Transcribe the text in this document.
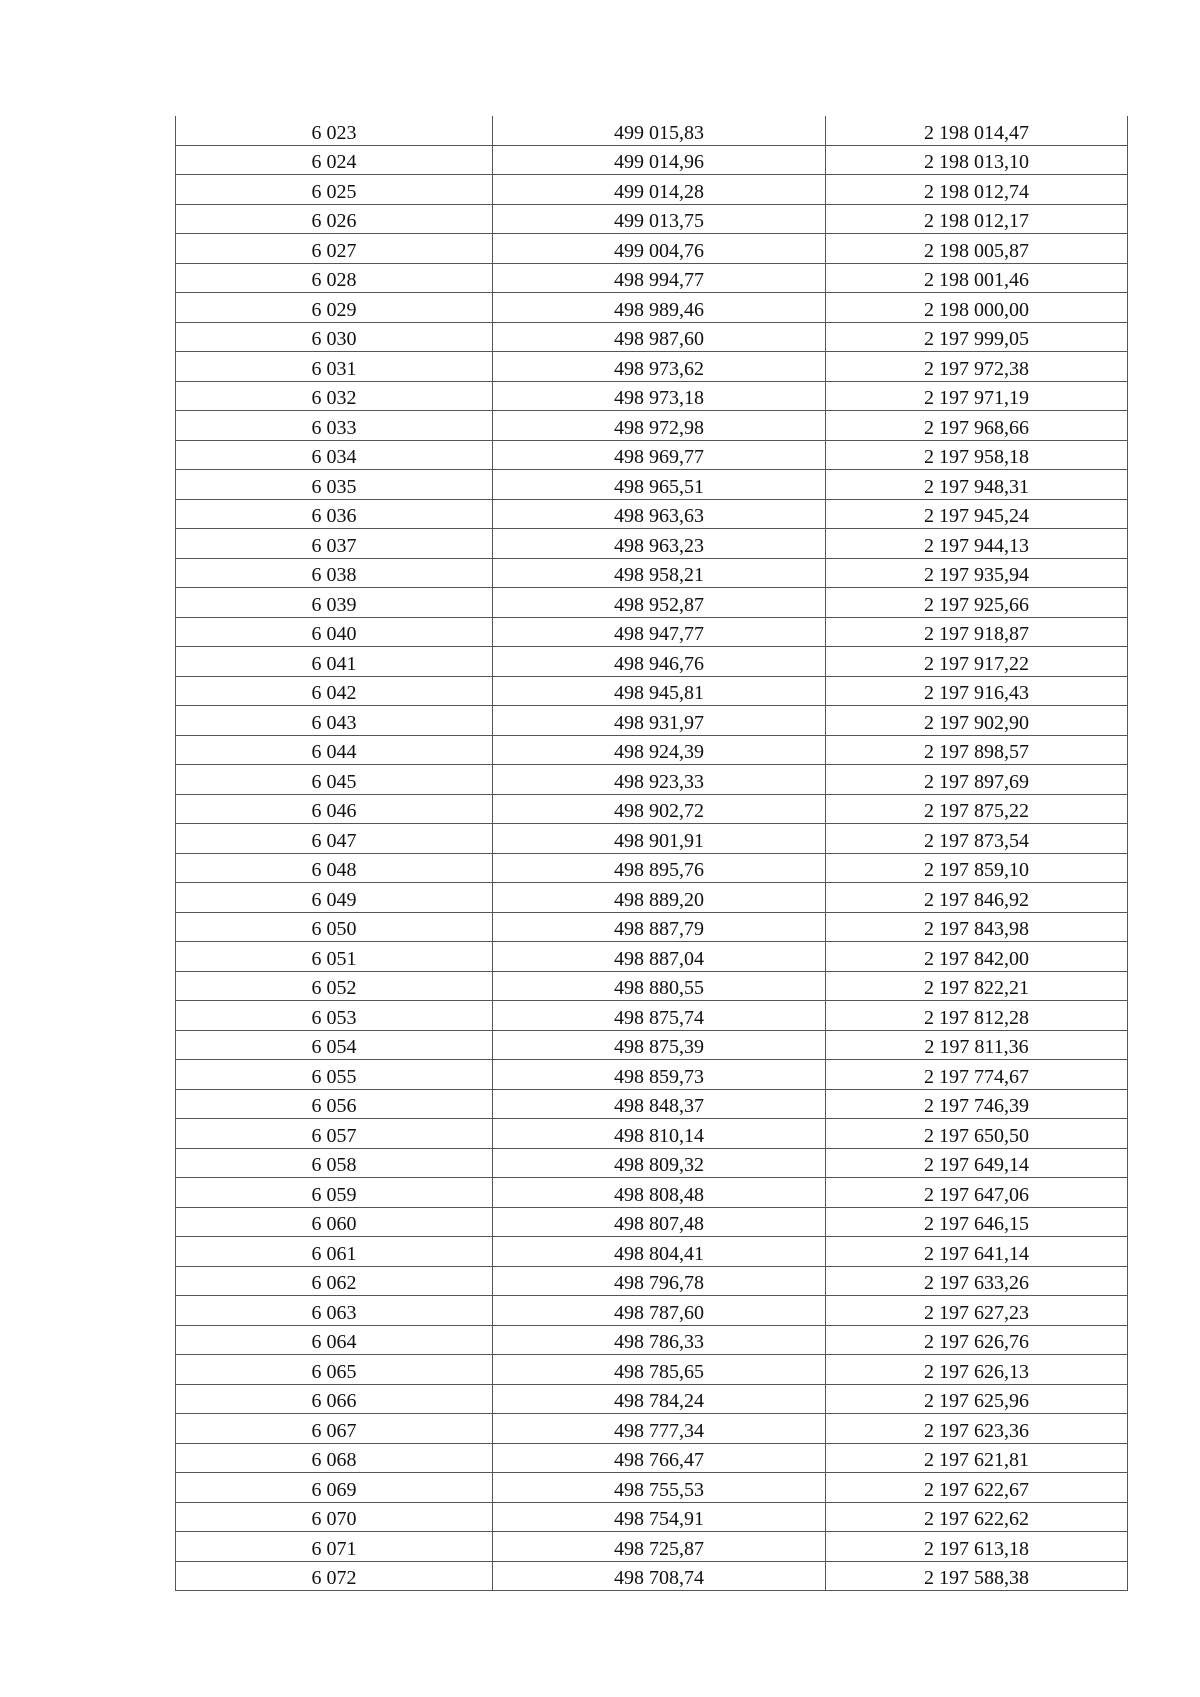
6 023	499 015,83	2 198 014,47
6 024	499 014,96	2 198 013,10
6 025	499 014,28	2 198 012,74
6 026	499 013,75	2 198 012,17
6 027	499 004,76	2 198 005,87
6 028	498 994,77	2 198 001,46
6 029	498 989,46	2 198 000,00
6 030	498 987,60	2 197 999,05
6 031	498 973,62	2 197 972,38
6 032	498 973,18	2 197 971,19
6 033	498 972,98	2 197 968,66
6 034	498 969,77	2 197 958,18
6 035	498 965,51	2 197 948,31
6 036	498 963,63	2 197 945,24
6 037	498 963,23	2 197 944,13
6 038	498 958,21	2 197 935,94
6 039	498 952,87	2 197 925,66
6 040	498 947,77	2 197 918,87
6 041	498 946,76	2 197 917,22
6 042	498 945,81	2 197 916,43
6 043	498 931,97	2 197 902,90
6 044	498 924,39	2 197 898,57
6 045	498 923,33	2 197 897,69
6 046	498 902,72	2 197 875,22
6 047	498 901,91	2 197 873,54
6 048	498 895,76	2 197 859,10
6 049	498 889,20	2 197 846,92
6 050	498 887,79	2 197 843,98
6 051	498 887,04	2 197 842,00
6 052	498 880,55	2 197 822,21
6 053	498 875,74	2 197 812,28
6 054	498 875,39	2 197 811,36
6 055	498 859,73	2 197 774,67
6 056	498 848,37	2 197 746,39
6 057	498 810,14	2 197 650,50
6 058	498 809,32	2 197 649,14
6 059	498 808,48	2 197 647,06
6 060	498 807,48	2 197 646,15
6 061	498 804,41	2 197 641,14
6 062	498 796,78	2 197 633,26
6 063	498 787,60	2 197 627,23
6 064	498 786,33	2 197 626,76
6 065	498 785,65	2 197 626,13
6 066	498 784,24	2 197 625,96
6 067	498 777,34	2 197 623,36
6 068	498 766,47	2 197 621,81
6 069	498 755,53	2 197 622,67
6 070	498 754,91	2 197 622,62
6 071	498 725,87	2 197 613,18
6 072	498 708,74	2 197 588,38
